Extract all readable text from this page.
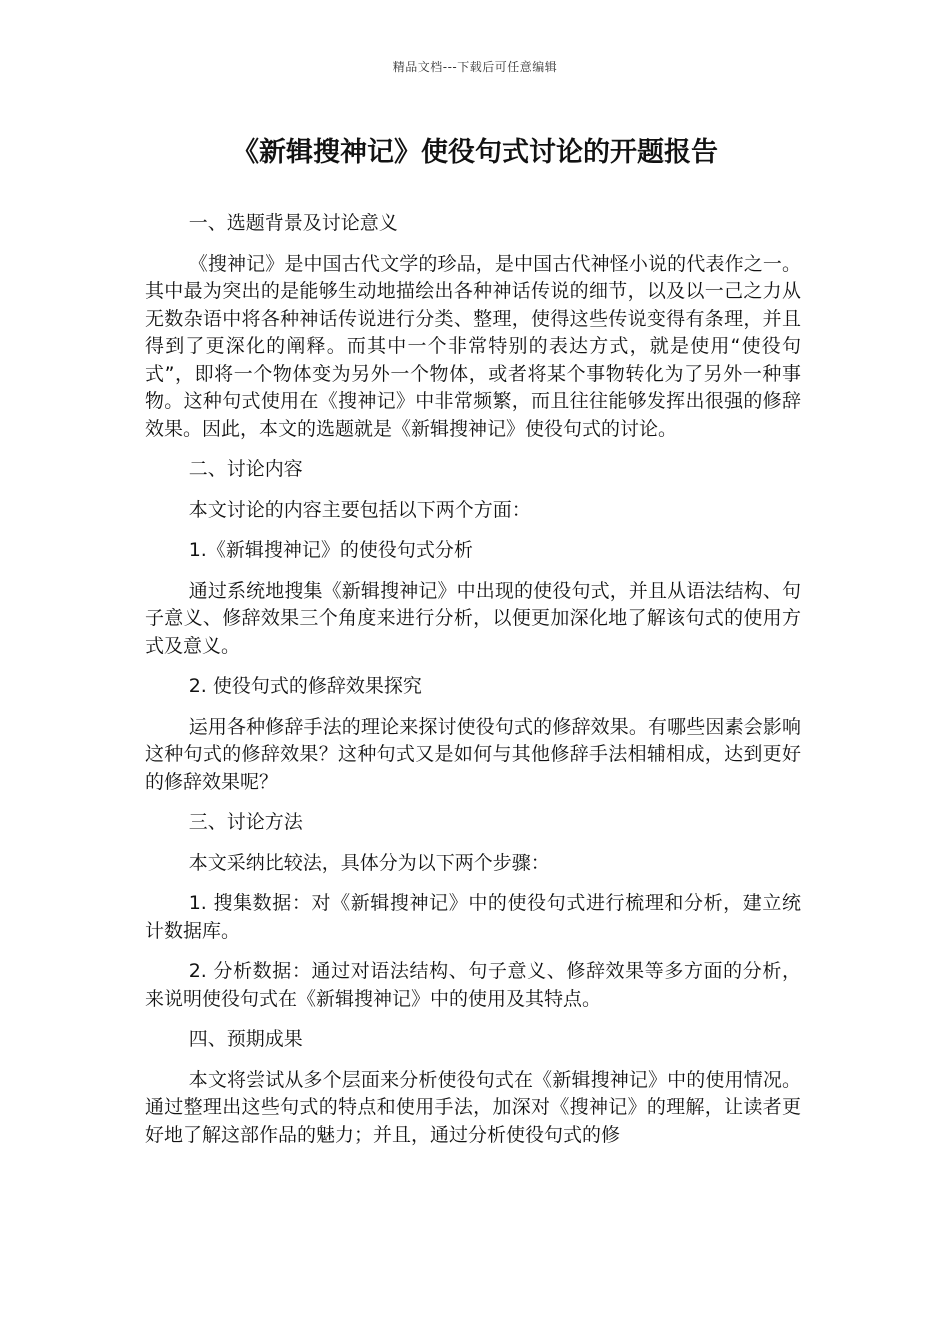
精品文档---下载后可任意编辑
《新辑搜神记》使役句式讨论的开题报告

一、选题背景及讨论意义

《搜神记》是中国古代文学的珍品，是中国古代神怪小说的代表作之一。其中最为突出的是能够生动地描绘出各种神话传说的细节，以及以一己之力从无数杂语中将各种神话传说进行分类、整理，使得这些传说变得有条理，并且得到了更深化的阐释。而其中一个非常特别的表达方式，就是使用“使役句式”，即将一个物体变为另外一个物体，或者将某个事物转化为了另外一种事物。这种句式使用在《搜神记》中非常频繁，而且往往能够发挥出很强的修辞效果。因此，本文的选题就是《新辑搜神记》使役句式的讨论。

二、讨论内容

本文讨论的内容主要包括以下两个方面：

1.《新辑搜神记》的使役句式分析

通过系统地搜集《新辑搜神记》中出现的使役句式，并且从语法结构、句子意义、修辞效果三个角度来进行分析，以便更加深化地了解该句式的使用方式及意义。

2. 使役句式的修辞效果探究

运用各种修辞手法的理论来探讨使役句式的修辞效果。有哪些因素会影响这种句式的修辞效果？这种句式又是如何与其他修辞手法相辅相成，达到更好的修辞效果呢？

三、讨论方法

本文采纳比较法，具体分为以下两个步骤：

1. 搜集数据：对《新辑搜神记》中的使役句式进行梳理和分析，建立统计数据库。

2. 分析数据：通过对语法结构、句子意义、修辞效果等多方面的分析，来说明使役句式在《新辑搜神记》中的使用及其特点。

四、预期成果

本文将尝试从多个层面来分析使役句式在《新辑搜神记》中的使用情况。通过整理出这些句式的特点和使用手法，加深对《搜神记》的理解，让读者更好地了解这部作品的魅力；并且，通过分析使役句式的修
